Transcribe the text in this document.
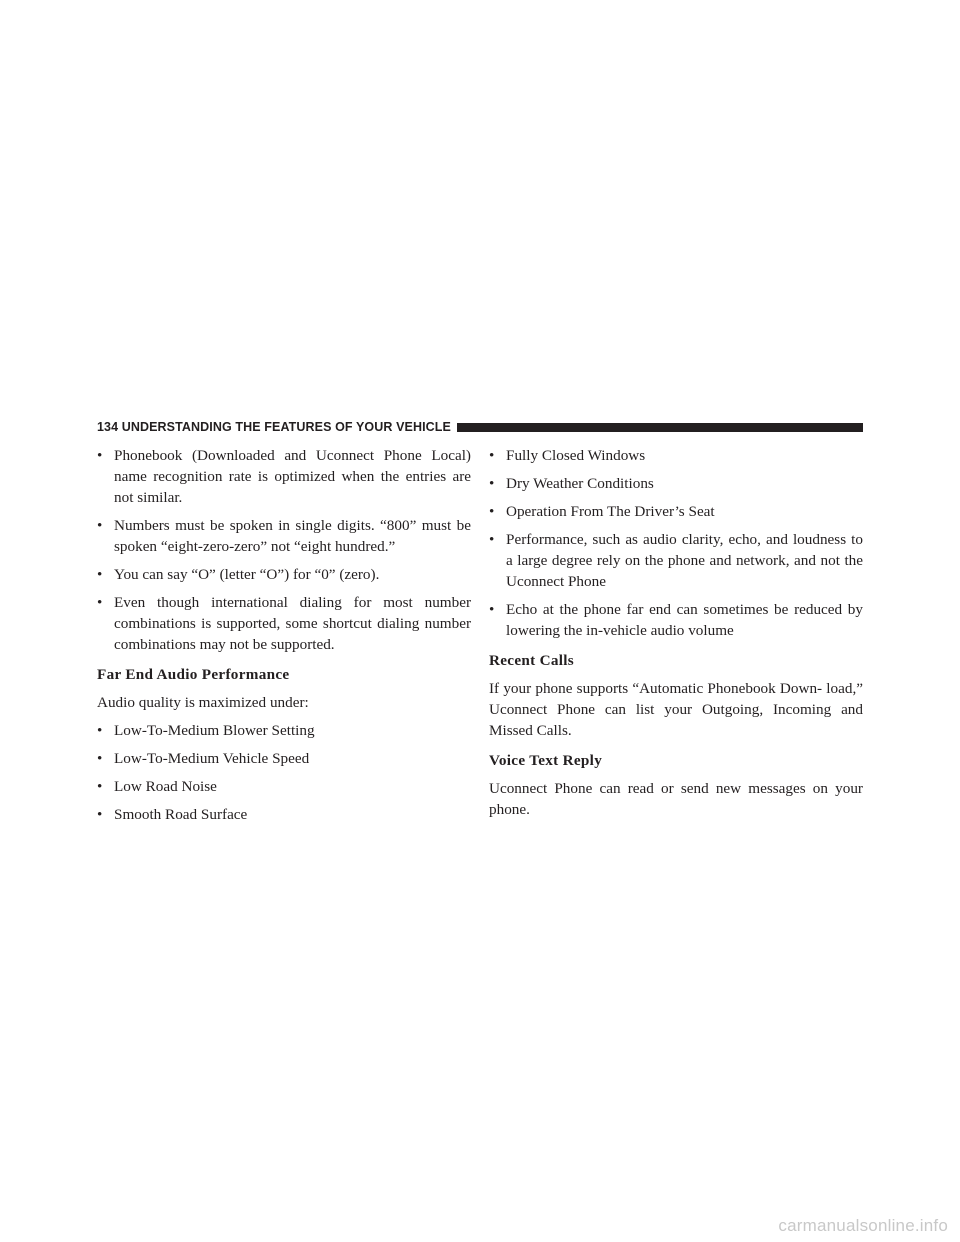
134 UNDERSTANDING THE FEATURES OF YOUR VEHICLE
• Phonebook (Downloaded and Uconnect Phone Local) name recognition rate is optimized when the entries are not similar.
• Numbers must be spoken in single digits. “800” must be spoken “eight-zero-zero” not “eight hundred.”
• You can say “O” (letter “O”) for “0” (zero).
• Even though international dialing for most number combinations is supported, some shortcut dialing number combinations may not be supported.
Far End Audio Performance
Audio quality is maximized under:
• Low-To-Medium Blower Setting
• Low-To-Medium Vehicle Speed
• Low Road Noise
• Smooth Road Surface
• Fully Closed Windows
• Dry Weather Conditions
• Operation From The Driver’s Seat
• Performance, such as audio clarity, echo, and loudness to a large degree rely on the phone and network, and not the Uconnect Phone
• Echo at the phone far end can sometimes be reduced by lowering the in-vehicle audio volume
Recent Calls
If your phone supports “Automatic Phonebook Down- load,” Uconnect Phone can list your Outgoing, Incoming and Missed Calls.
Voice Text Reply
Uconnect Phone can read or send new messages on your phone.
carmanualsonline.info
